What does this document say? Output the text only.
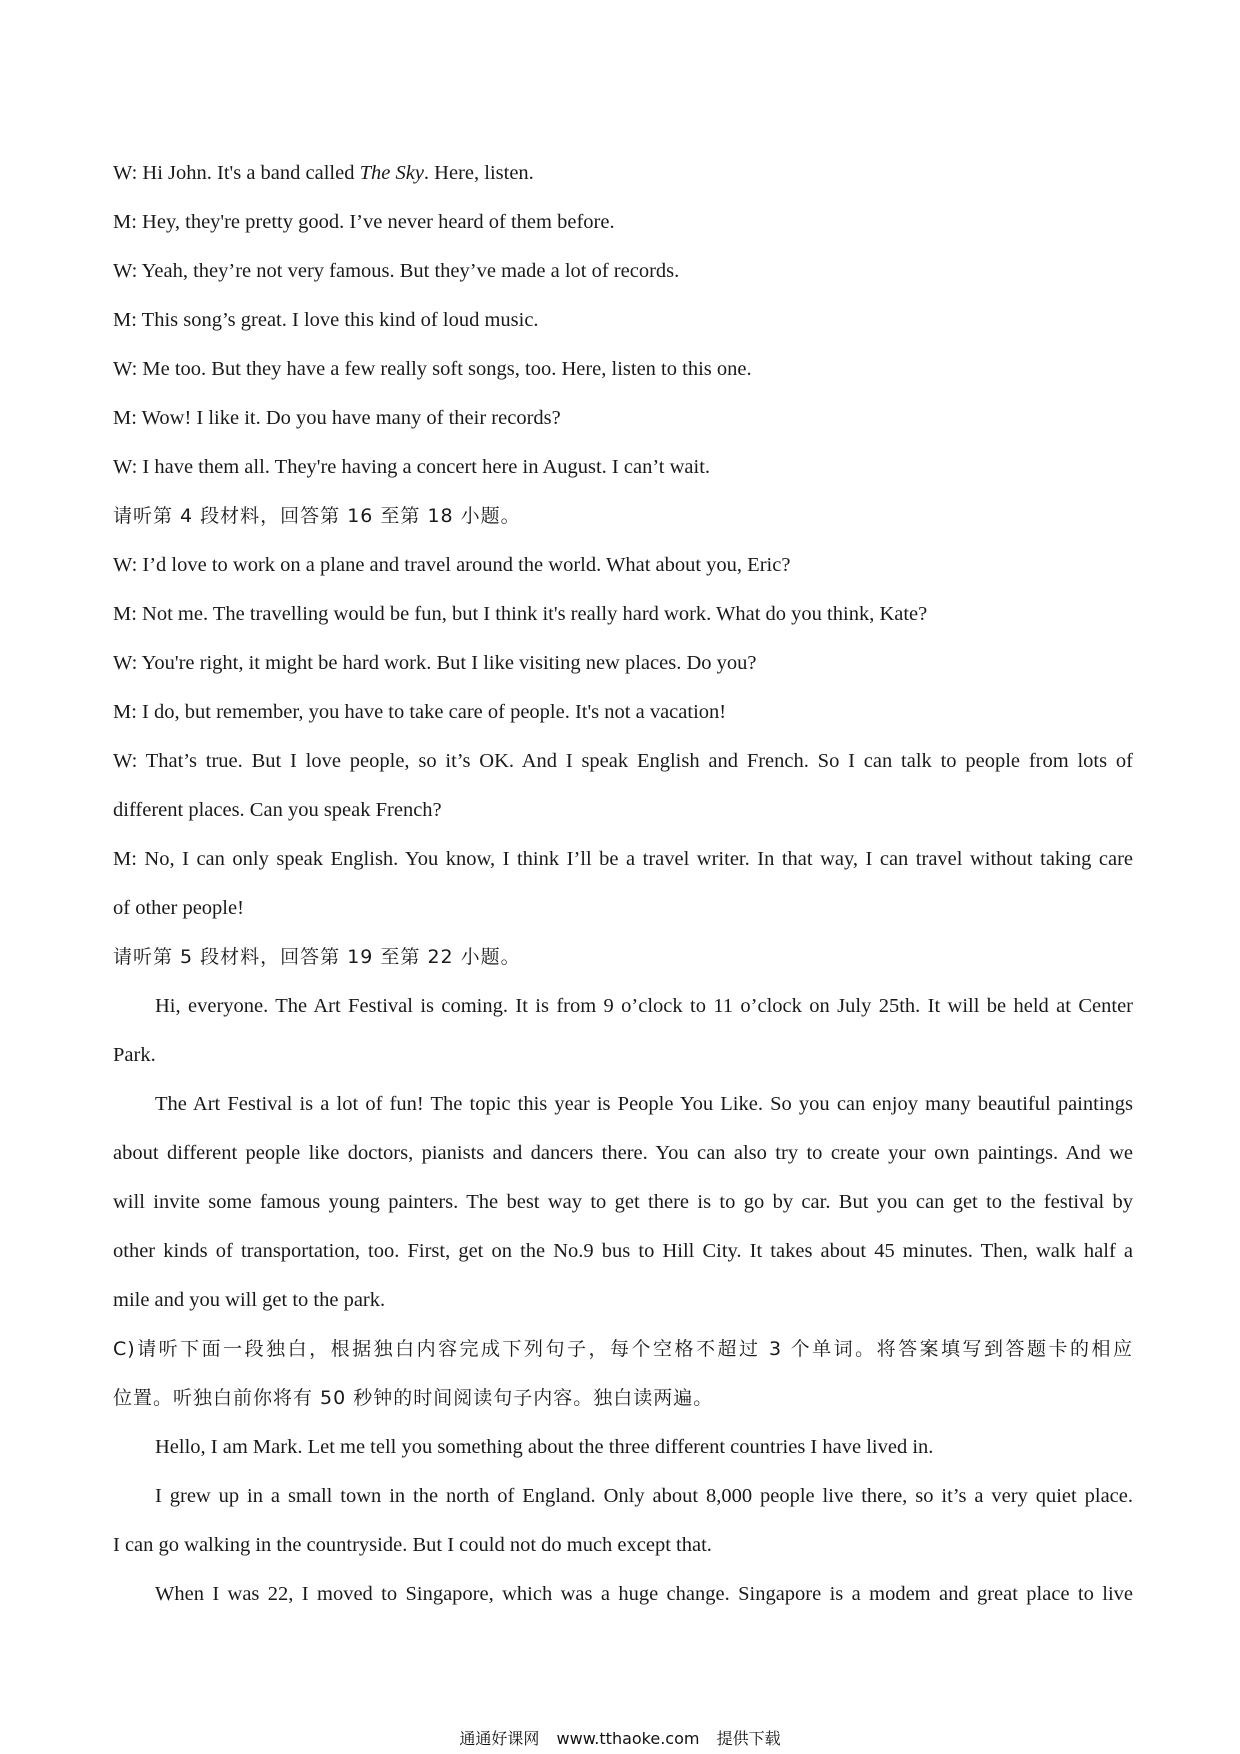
W: Hi John. It's a band called The Sky. Here, listen.
M: Hey, they're pretty good. I’ve never heard of them before.
W: Yeah, they’re not very famous. But they’ve made a lot of records.
M: This song’s great. I love this kind of loud music.
W: Me too. But they have a few really soft songs, too. Here, listen to this one.
M: Wow! I like it. Do you have many of their records?
W: I have them all. They're having a concert here in August. I can’t wait.
请听第 4 段材料，回答第 16 至第 18 小题。
W: I’d love to work on a plane and travel around the world. What about you, Eric?
M: Not me. The travelling would be fun, but I think it's really hard work. What do you think, Kate?
W: You're right, it might be hard work. But I like visiting new places. Do you?
M: I do, but remember, you have to take care of people. It's not a vacation!
W: That’s true. But I love people, so it’s OK. And I speak English and French. So I can talk to people from lots of
different places. Can you speak French?
M: No, I can only speak English. You know, I think I’ll be a travel writer. In that way, I can travel without taking care
of other people!
请听第 5 段材料，回答第 19 至第 22 小题。
Hi, everyone. The Art Festival is coming. It is from 9 o’clock to 11 o’clock on July 25th. It will be held at Center
Park.
The Art Festival is a lot of fun! The topic this year is People You Like. So you can enjoy many beautiful paintings
about different people like doctors, pianists and dancers there. You can also try to create your own paintings. And we
will invite some famous young painters. The best way to get there is to go by car. But you can get to the festival by
other kinds of transportation, too. First, get on the No.9 bus to Hill City. It takes about 45 minutes. Then, walk half a
mile and you will get to the park.
C)请听下面一段独白，根据独白内容完成下列句子，每个空格不超过 3 个单词。将答案填写到答题卡的相应
位置。听独白前你将有 50 秒钟的时间阅读句子内容。独白读两遍。
Hello, I am Mark. Let me tell you something about the three different countries I have lived in.
I grew up in a small town in the north of England. Only about 8,000 people live there, so it’s a very quiet place.
I can go walking in the countryside. But I could not do much except that.
When I was 22, I moved to Singapore, which was a huge change. Singapore is a modem and great place to live
通通好课网 www.tthaoke.com 提供下载
